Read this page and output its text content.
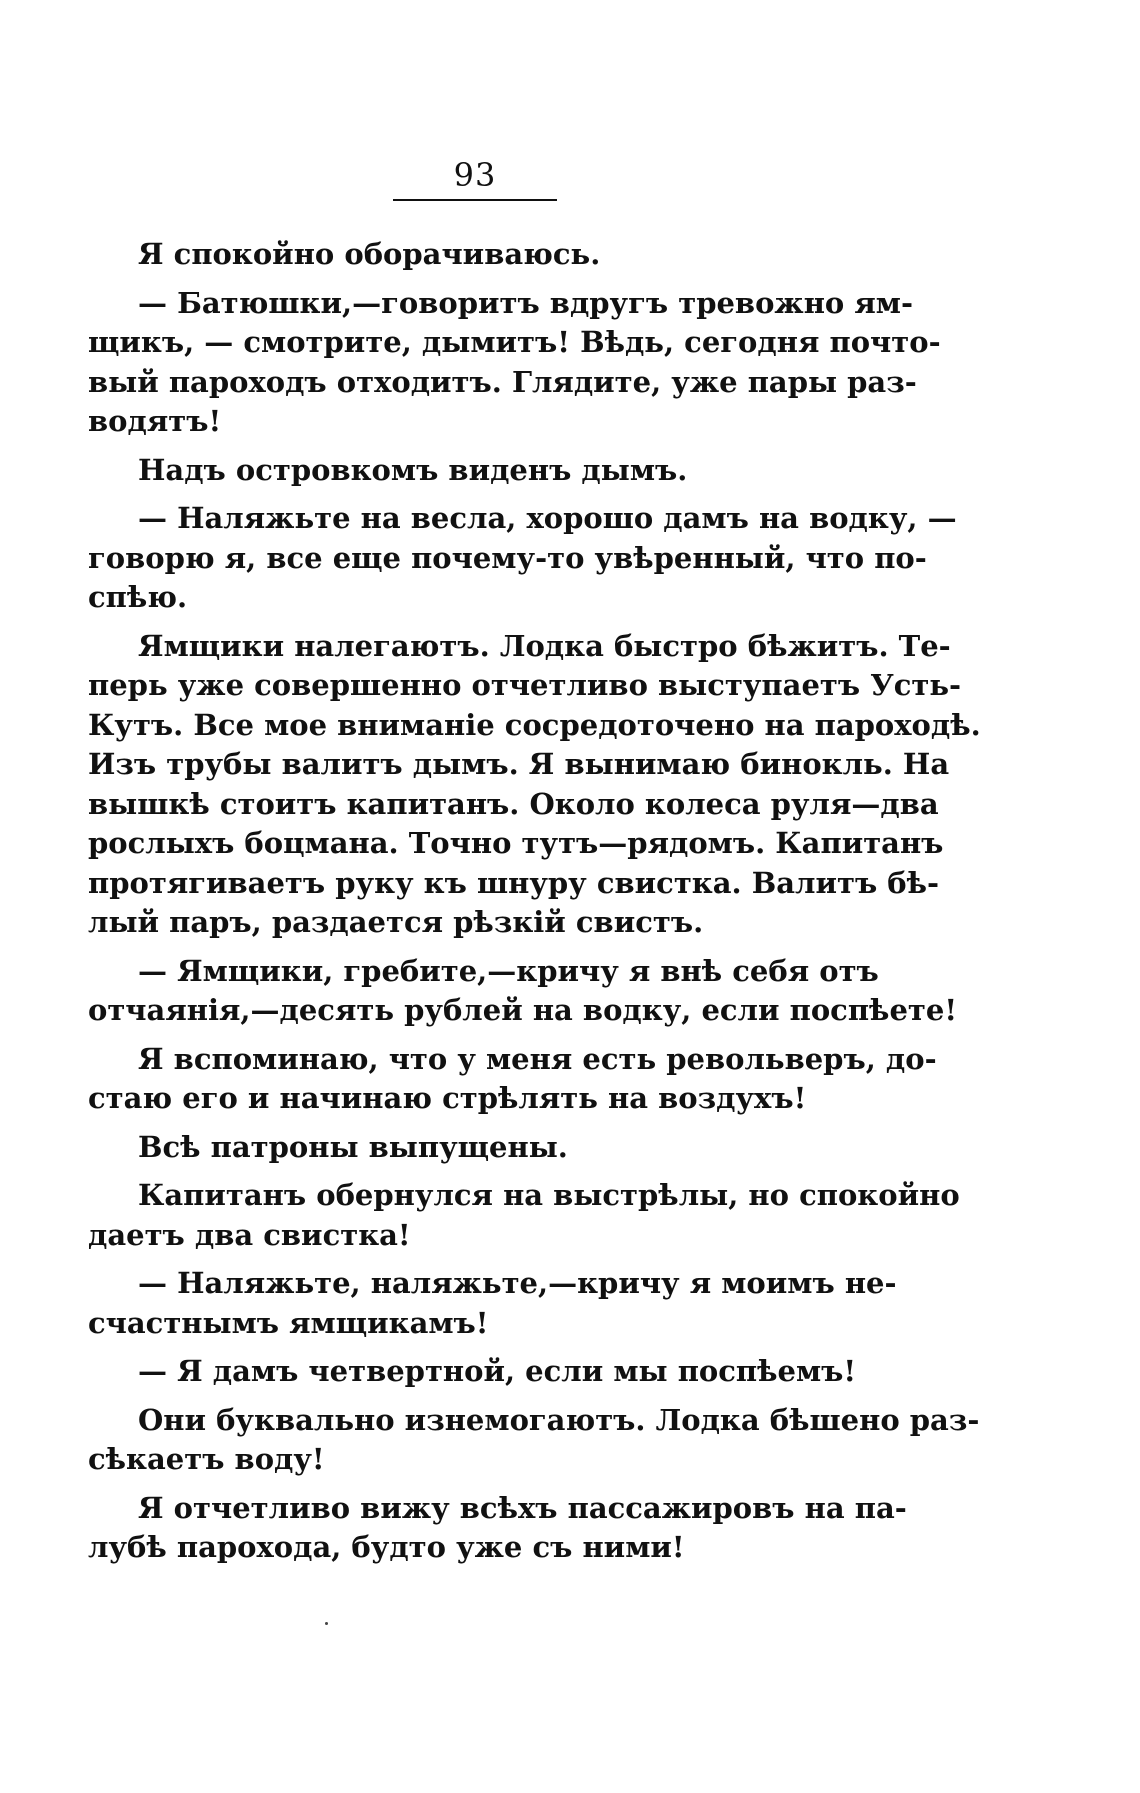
93
Я спокойно оборачиваюсь.
— Батюшки,—говоритъ вдругъ тревожно ям-
щикъ, — смотрите, дымитъ! Вѣдь, сегодня почто-
вый пароходъ отходитъ. Глядите, уже пары раз-
водятъ!
Надъ островкомъ виденъ дымъ.
— Наляжьте на весла, хорошо дамъ на водку, —
говорю я, все еще почему-то увѣренный, что по-
спѣю.
Ямщики налегаютъ. Лодка быстро бѣжитъ. Те-
перь уже совершенно отчетливо выступаетъ Усть-
Кутъ. Все мое вниманіе сосредоточено на пароходѣ.
Изъ трубы валитъ дымъ. Я вынимаю бинокль. На
вышкѣ стоитъ капитанъ. Около колеса руля—два
рослыхъ боцмана. Точно тутъ—рядомъ. Капитанъ
протягиваетъ руку къ шнуру свистка. Валитъ бѣ-
лый паръ, раздается рѣзкій свистъ.
— Ямщики, гребите,—кричу я внѣ себя отъ
отчаянія,—десять рублей на водку, если поспѣете!
Я вспоминаю, что у меня есть револьверъ, до-
стаю его и начинаю стрѣлять на воздухъ!
Всѣ патроны выпущены.
Капитанъ обернулся на выстрѣлы, но спокойно
даетъ два свистка!
— Наляжьте, наляжьте,—кричу я моимъ не-
счастнымъ ямщикамъ!
— Я дамъ четвертной, если мы поспѣемъ!
Они буквально изнемогаютъ. Лодка бѣшено раз-
сѣкаетъ воду!
Я отчетливо вижу всѣхъ пассажировъ на па-
лубѣ парохода, будто уже съ ними!
